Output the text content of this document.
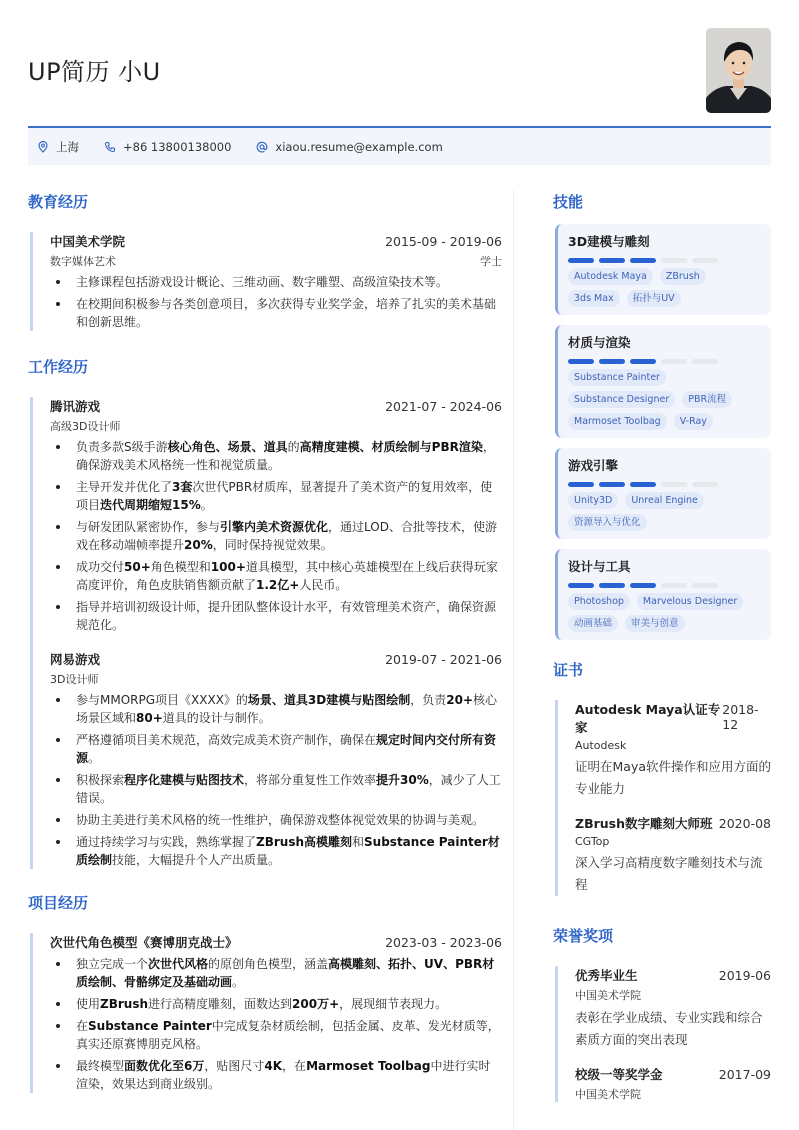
UP简历 小U
上海	+86 13800138000	xiaou.resume@example.com
教育经历
中国美术学院	2015-09 - 2019-06
数字媒体艺术	学士
主修课程包括游戏设计概论、三维动画、数字雕塑、高级渲染技术等。
在校期间积极参与各类创意项目，多次获得专业奖学金，培养了扎实的美术基础和创新思维。
工作经历
腾讯游戏	2021-07 - 2024-06
高级3D设计师
负责多款S级手游核心角色、场景、道具的高精度建模、材质绘制与PBR渲染，确保游戏美术风格统一性和视觉质量。
主导开发并优化了3套次世代PBR材质库，显著提升了美术资产的复用效率，使项目迭代周期缩短15%。
与研发团队紧密协作，参与引擎内美术资源优化，通过LOD、合批等技术，使游戏在移动端帧率提升20%，同时保持视觉效果。
成功交付50+角色模型和100+道具模型，其中核心英雄模型在上线后获得玩家高度评价，角色皮肤销售额贡献了1.2亿+人民币。
指导并培训初级设计师，提升团队整体设计水平，有效管理美术资产，确保资源规范化。
网易游戏	2019-07 - 2021-06
3D设计师
参与MMORPG项目《XXXX》的场景、道具3D建模与贴图绘制，负责20+核心场景区域和80+道具的设计与制作。
严格遵循项目美术规范，高效完成美术资产制作，确保在规定时间内交付所有资源。
积极探索程序化建模与贴图技术，将部分重复性工作效率提升30%，减少了人工错误。
协助主美进行美术风格的统一性维护，确保游戏整体视觉效果的协调与美观。
通过持续学习与实践，熟练掌握了ZBrush高模雕刻和Substance Painter材质绘制技能，大幅提升个人产出质量。
项目经历
次世代角色模型《赛博朋克战士》	2023-03 - 2023-06
独立完成一个次世代风格的原创角色模型，涵盖高模雕刻、拓扑、UV、PBR材质绘制、骨骼绑定及基础动画。
使用ZBrush进行高精度雕刻，面数达到200万+，展现细节表现力。
在Substance Painter中完成复杂材质绘制，包括金属、皮革、发光材质等，真实还原赛博朋克风格。
最终模型面数优化至6万，贴图尺寸4K，在Marmoset Toolbag中进行实时渲染，效果达到商业级别。
技能
3D建模与雕刻
Autodesk Maya	ZBrush
3ds Max	拓扑与UV
材质与渲染
Substance Painter
Substance Designer	PBR流程
Marmoset Toolbag	V-Ray
游戏引擎
Unity3D	Unreal Engine
资源导入与优化
设计与工具
Photoshop	Marvelous Designer
动画基础	审美与创意
证书
Autodesk Maya认证专家
2018-12
Autodesk
证明在Maya软件操作和应用方面的专业能力
ZBrush数字雕刻大师班 2020-08
CGTop
深入学习高精度数字雕刻技术与流程
荣誉奖项
优秀毕业生	2019-06
中国美术学院
表彰在学业成绩、专业实践和综合素质方面的突出表现
校级一等奖学金	2017-09
中国美术学院
